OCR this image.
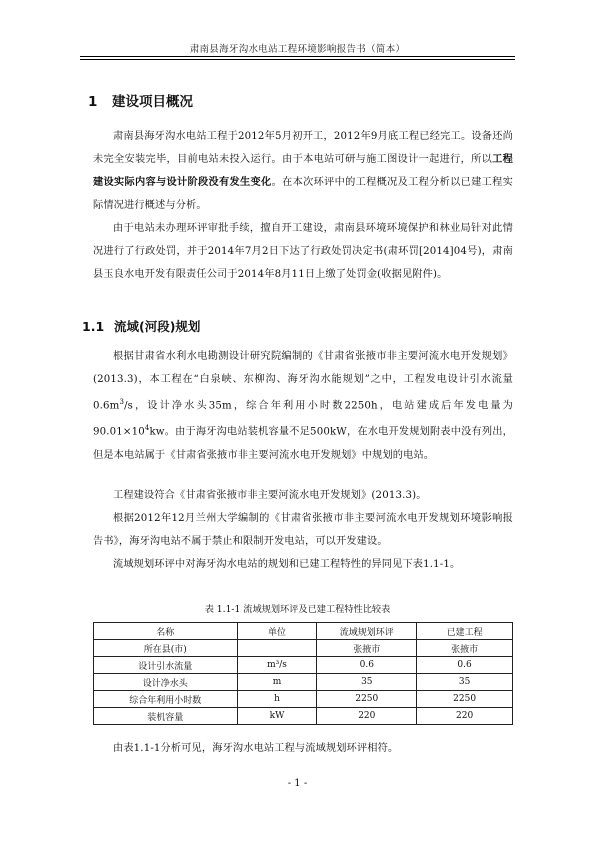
肃南县海牙沟水电站工程环境影响报告书（简本）
1 建设项目概况
肃南县海牙沟水电站工程于2012年5月初开工，2012年9月底工程已经完工。设备还尚未完全安装完毕，目前电站未投入运行。由于本电站可研与施工图设计一起进行，所以工程建设实际内容与设计阶段没有发生变化。在本次环评中的工程概况及工程分析以已建工程实际情况进行概述与分析。
由于电站未办理环评审批手续，擅自开工建设，肃南县环境环境保护和林业局针对此情况进行了行政处罚，并于2014年7月2日下达了行政处罚决定书(肃环罚[2014]04号)，肃南县玉良水电开发有限责任公司于2014年8月11日上缴了处罚金(收据见附件)。
1.1 流域(河段)规划
根据甘肃省水利水电勘测设计研究院编制的《甘肃省张掖市非主要河流水电开发规划》(2013.3)，本工程在“白泉峡、东柳沟、海牙沟水能规划”之中，工程发电设计引水流量$0.6m^3/s$，设计净水头35m，综合年利用小时数2250h，电站建成后年发电量为$90.01\times 10^4kw$。由于海牙沟电站装机容量不足500kW，在水电开发规划附表中没有列出，但是本电站属于《甘肃省张掖市非主要河流水电开发规划》中规划的电站。
工程建设符合《甘肃省张掖市非主要河流水电开发规划》(2013.3)。
根据2012年12月兰州大学编制的《甘肃省张掖市非主要河流水电开发规划环境影响报告书》，海牙沟电站不属于禁止和限制开发电站，可以开发建设。
流域规划环评中对海牙沟水电站的规划和已建工程特性的异同见下表1.1-1。
表 1.1-1 流域规划环评及已建工程特性比较表
名称	单位	流域规划环评	已建工程
所在县(市)		张掖市	张掖市
设计引水流量	m³/s	0.6	0.6
设计净水头	m	35	35
综合年利用小时数	h	2250	2250
装机容量	kW	220	220
由表1.1-1分析可见，海牙沟水电站工程与流域规划环评相符。
- 1 -
